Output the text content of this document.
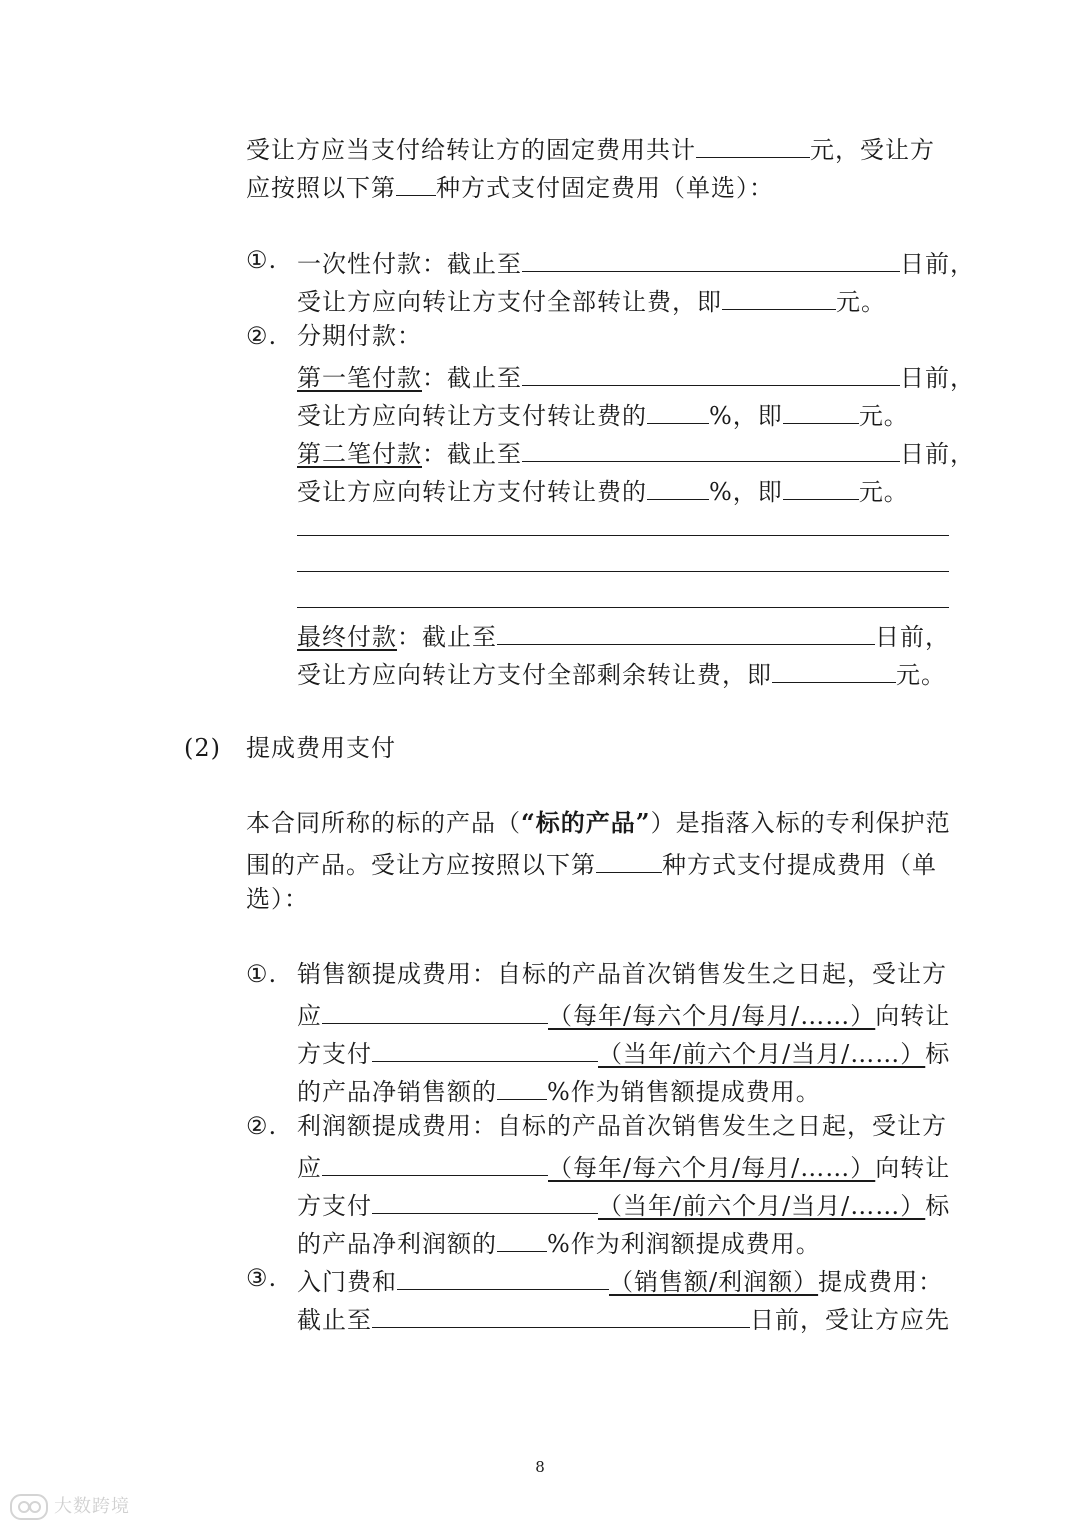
受让方应当支付给转让方的固定费用共计	元，受让方
应按照以下第 种方式支付固定费用（单选）：
①. 一次性付款：截止至	日前，
受让方应向转让方支付全部转让费，即	元。
②. 分期付款：
第一笔付款：截止至	日前，
受让方应向转让方支付转让费的	%，即	元。
第二笔付款：截止至	日前，
受让方应向转让方支付转让费的	%，即	元。
最终付款：截止至	日前，
受让方应向转让方支付全部剩余转让费，即	元。
(2) 提成费用支付
本合同所称的标的产品（“标的产品”）是指落入标的专利保护范
围的产品。受让方应按照以下第	种方式支付提成费用（单
选）：
①. 销售额提成费用：自标的产品首次销售发生之日起，受让方
应	（每年/每六个月/每月/……）向转让
方支付	（当年/前六个月/当月/……）标
的产品净销售额的 %作为销售额提成费用。
②. 利润额提成费用：自标的产品首次销售发生之日起，受让方
应	（每年/每六个月/每月/……）向转让
方支付	（当年/前六个月/当月/……）标
的产品净利润额的 %作为利润额提成费用。
③. 入门费和	（销售额/利润额）提成费用：
截止至	日前，受让方应先
8
大数跨境
